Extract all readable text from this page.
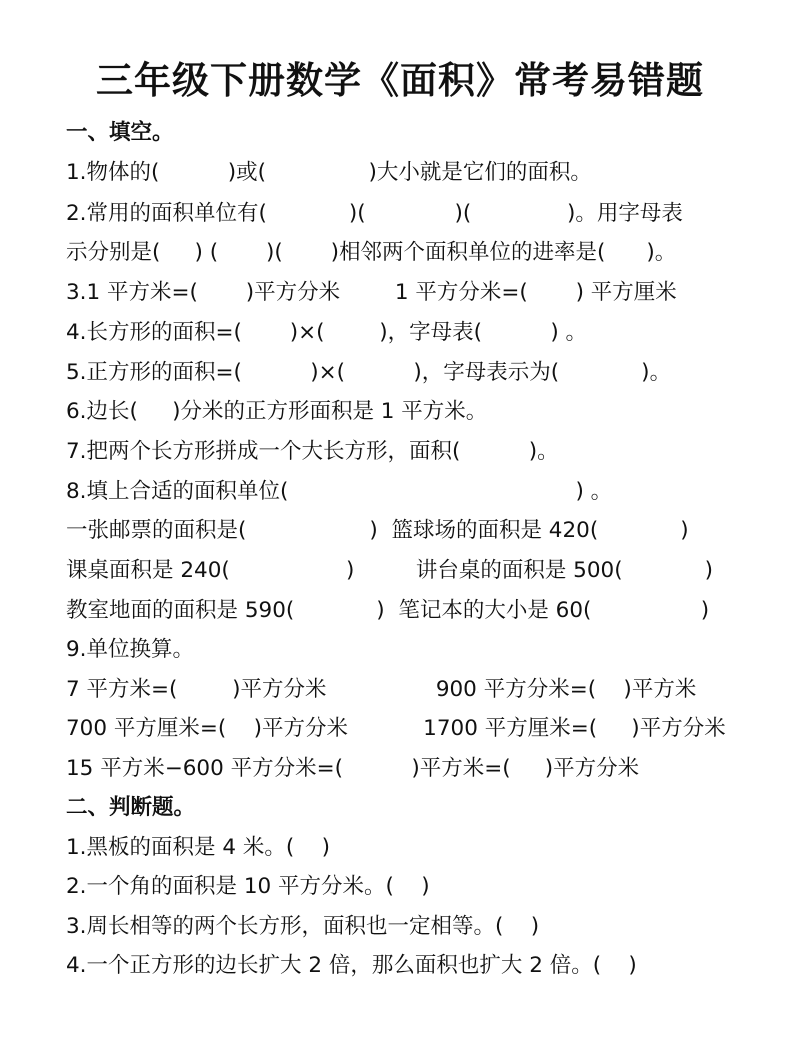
三年级下册数学《面积》常考易错题
一、填空。
1.物体的(          )或(               )大小就是它们的面积。
2.常用的面积单位有(            )(             )(              )。用字母表
示分别是(     ) (       )(       )相邻两个面积单位的进率是(      )。
3.1 平方米=(       )平方分米        1 平方分米=(       ) 平方厘米
4.长方形的面积=(       )×(        )，字母表(          ) 。
5.正方形的面积=(          )×(          )，字母表示为(            )。
6.边长(     )分米的正方形面积是 1 平方米。
7.把两个长方形拼成一个大长方形，面积(          )。
8.填上合适的面积单位(                                          ) 。
一张邮票的面积是(                  )  篮球场的面积是 420(            )
课桌面积是 240(                 )         讲台桌的面积是 500(            )
教室地面的面积是 590(            )  笔记本的大小是 60(                )
9.单位换算。
7 平方米=(        )平方分米                900 平方分米=(    )平方米
700 平方厘米=(    )平方分米           1700 平方厘米=(     )平方分米
15 平方米−600 平方分米=(          )平方米=(     )平方分米
二、判断题。
1.黑板的面积是 4 米。(    )
2.一个角的面积是 10 平方分米。(    )
3.周长相等的两个长方形，面积也一定相等。(    )
4.一个正方形的边长扩大 2 倍，那么面积也扩大 2 倍。(    )
